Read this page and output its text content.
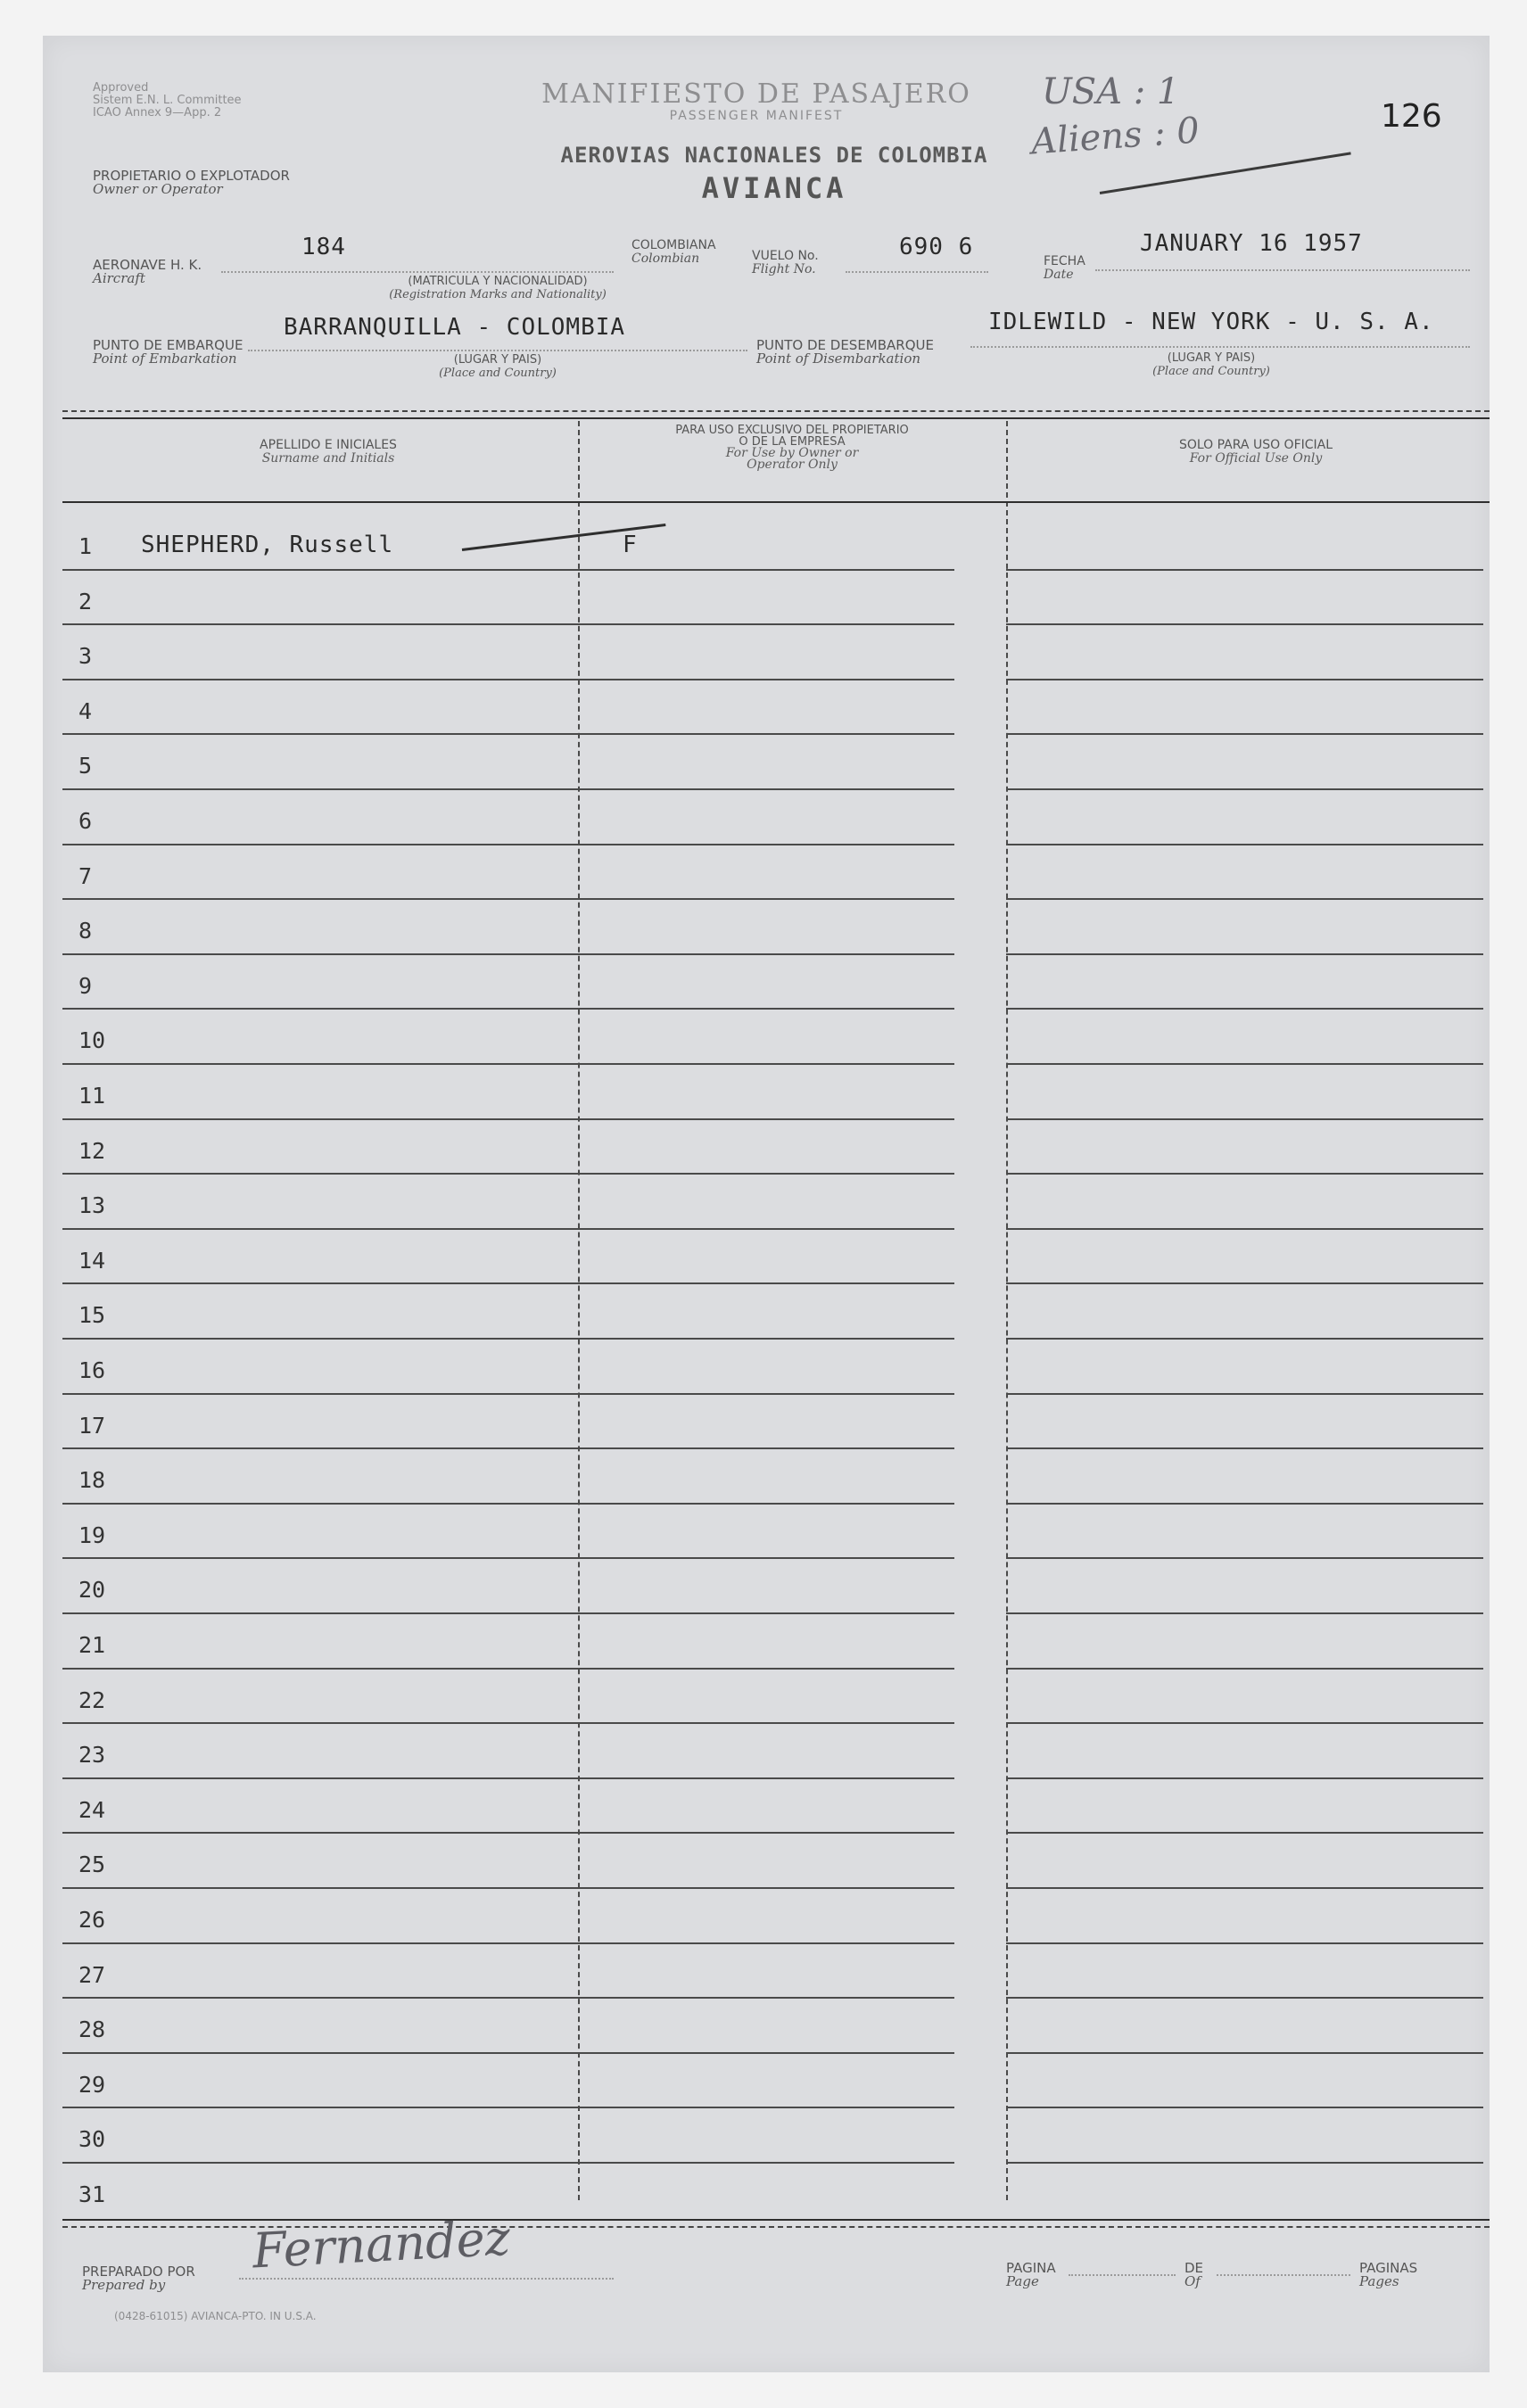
Approved
Sistem E.N. L. Committee
ICAO Annex 9—App. 2
MANIFIESTO DE PASAJERO
PASSENGER MANIFEST
AEROVIAS NACIONALES DE COLOMBIA
AVIANCA
USA : 1
Aliens : 0	126
PROPIETARIO O EXPLOTADOR
Owner or Operator
AERONAVE H. K.
Aircraft
184
(MATRICULA Y NACIONALIDAD)
(Registration Marks and Nationality)
COLOMBIANA
Colombian	VUELO No.
Flight No.
690 6
FECHA
Date
JANUARY 16 1957
PUNTO DE EMBARQUE
Point of Embarkation
BARRANQUILLA - COLOMBIA
(LUGAR Y PAIS)
(Place and Country)
PUNTO DE DESEMBARQUE
Point of Disembarkation
IDLEWILD - NEW YORK - U. S. A.
(LUGAR Y PAIS)
(Place and Country)
APELLIDO E INICIALES
Surname and Initials
PARA USO EXCLUSIVO DEL PROPIETARIO
O DE LA EMPRESA
For Use by Owner or
Operator Only
SOLO PARA USO OFICIAL
For Official Use Only
1	SHEPHERD, Russell	F
2
3
4
5
6
7
8
9
10
11
12
13
14
15
16
17
18
19
20
21
22
23
24
25
26
27
28
29
30
31
PREPARADO POR
Prepared by
Fernandez
(0428-61015) AVIANCA-PTO. IN U.S.A.
PAGINA
Page
DE
Of
PAGINAS
Pages
